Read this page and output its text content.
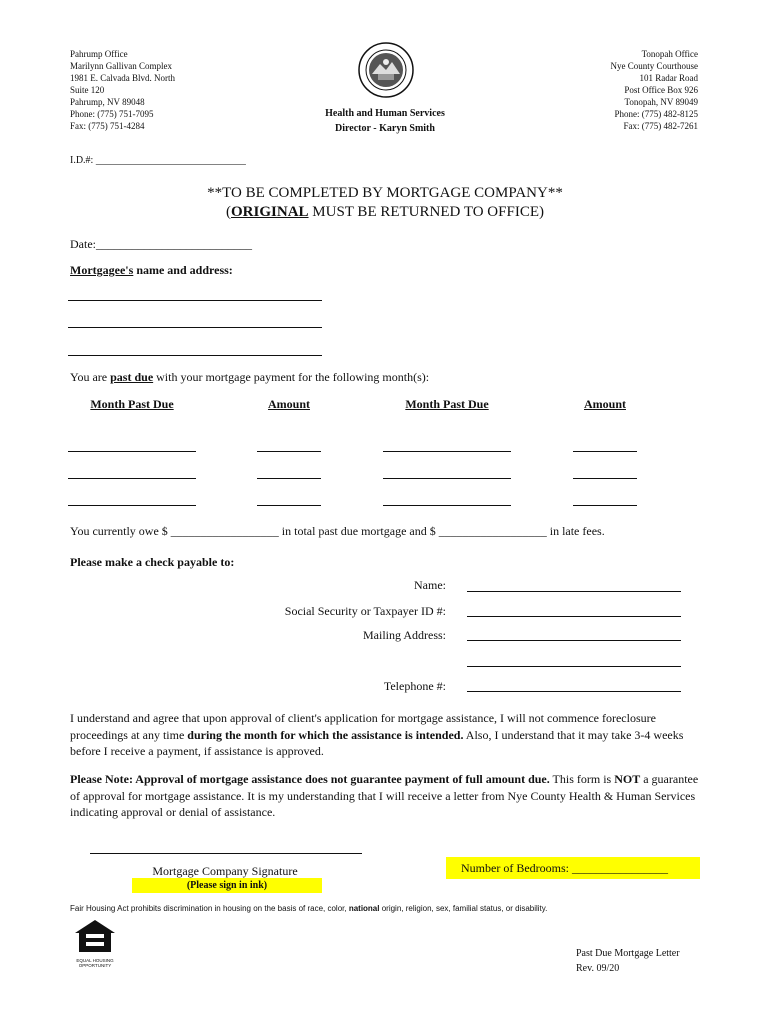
Pahrump Office
Marilynn Gallivan Complex
1981 E. Calvada Blvd. North
Suite 120
Pahrump, NV 89048
Phone: (775) 751-7095
Fax: (775) 751-4284
Health and Human Services
Director - Karyn Smith
Tonopah Office
Nye County Courthouse
101 Radar Road
Post Office Box 926
Tonopah, NV 89049
Phone: (775) 482-8125
Fax: (775) 482-7261
I.D.#: ______________________________
**TO BE COMPLETED BY MORTGAGE COMPANY**
(ORIGINAL MUST BE RETURNED TO OFFICE)
Date:__________________________
Mortgagee's name and address:
You are past due with your mortgage payment for the following month(s):
Month Past Due	Amount	Month Past Due	Amount
You currently owe $ __________________ in total past due mortgage and $ __________________ in late fees.
Please make a check payable to:
Name:
Social Security or Taxpayer ID #:
Mailing Address:
Telephone #:
I understand and agree that upon approval of client's application for mortgage assistance, I will not commence foreclosure proceedings at any time during the month for which the assistance is intended. Also, I understand that it may take 3-4 weeks before I receive a payment, if assistance is approved.
Please Note: Approval of mortgage assistance does not guarantee payment of full amount due. This form is NOT a guarantee of approval for mortgage assistance. It is my understanding that I will receive a letter from Nye County Health & Human Services indicating approval or denial of assistance.
Mortgage Company Signature
(Please sign in ink)
Number of Bedrooms: ________________
Fair Housing Act prohibits discrimination in housing on the basis of race, color, national origin, religion, sex, familial status, or disability.
EQUAL HOUSING
OPPORTUNITY
Past Due Mortgage Letter
Rev. 09/20
